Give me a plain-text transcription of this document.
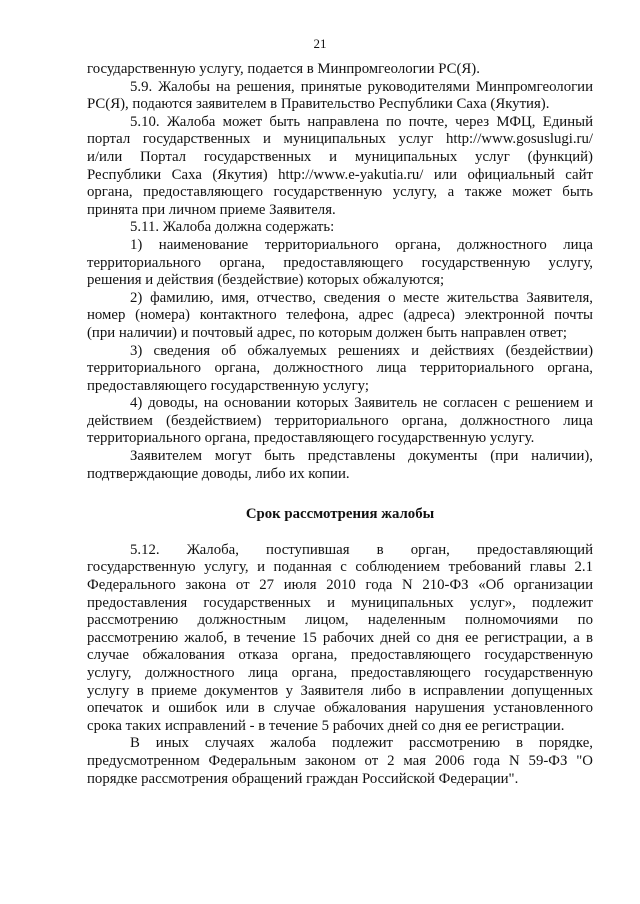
21
государственную услугу, подается в Минпромгеологии РС(Я).
5.9. Жалобы на решения, принятые руководителями Минпромгеологии
РС(Я), подаются заявителем в Правительство Республики Саха (Якутия).
5.10. Жалоба может быть направлена по почте, через МФЦ, Единый
портал государственных и муниципальных услуг http://www.gosuslugi.ru/
и/или Портал государственных и муниципальных услуг (функций)
Республики Саха (Якутия) http://www.e-yakutia.ru/ или официальный сайт
органа, предоставляющего государственную услугу, а также может быть
принята при личном приеме Заявителя.
5.11. Жалоба должна содержать:
1) наименование территориального органа, должностного лица
территориального органа, предоставляющего государственную услугу,
решения и действия (бездействие) которых обжалуются;
2) фамилию, имя, отчество, сведения о месте жительства Заявителя,
номер (номера) контактного телефона, адрес (адреса) электронной почты
(при наличии) и почтовый адрес, по которым должен быть направлен ответ;
3) сведения об обжалуемых решениях и действиях (бездействии)
территориального органа, должностного лица территориального органа,
предоставляющего государственную услугу;
4) доводы, на основании которых Заявитель не согласен с решением и
действием (бездействием) территориального органа, должностного лица
территориального органа, предоставляющего государственную услугу.
Заявителем могут быть представлены документы (при наличии),
подтверждающие доводы, либо их копии.
Срок рассмотрения жалобы
5.12. Жалоба, поступившая в орган, предоставляющий
государственную услугу, и поданная с соблюдением требований главы 2.1
Федерального закона от 27 июля 2010 года N 210-ФЗ «Об организации
предоставления государственных и муниципальных услуг», подлежит
рассмотрению должностным лицом, наделенным полномочиями по
рассмотрению жалоб, в течение 15 рабочих дней со дня ее регистрации, а в
случае обжалования отказа органа, предоставляющего государственную
услугу, должностного лица органа, предоставляющего государственную
услугу в приеме документов у Заявителя либо в исправлении допущенных
опечаток и ошибок или в случае обжалования нарушения установленного
срока таких исправлений - в течение 5 рабочих дней со дня ее регистрации.
В иных случаях жалоба подлежит рассмотрению в порядке,
предусмотренном Федеральным законом от 2 мая 2006 года N 59-ФЗ "О
порядке рассмотрения обращений граждан Российской Федерации".
